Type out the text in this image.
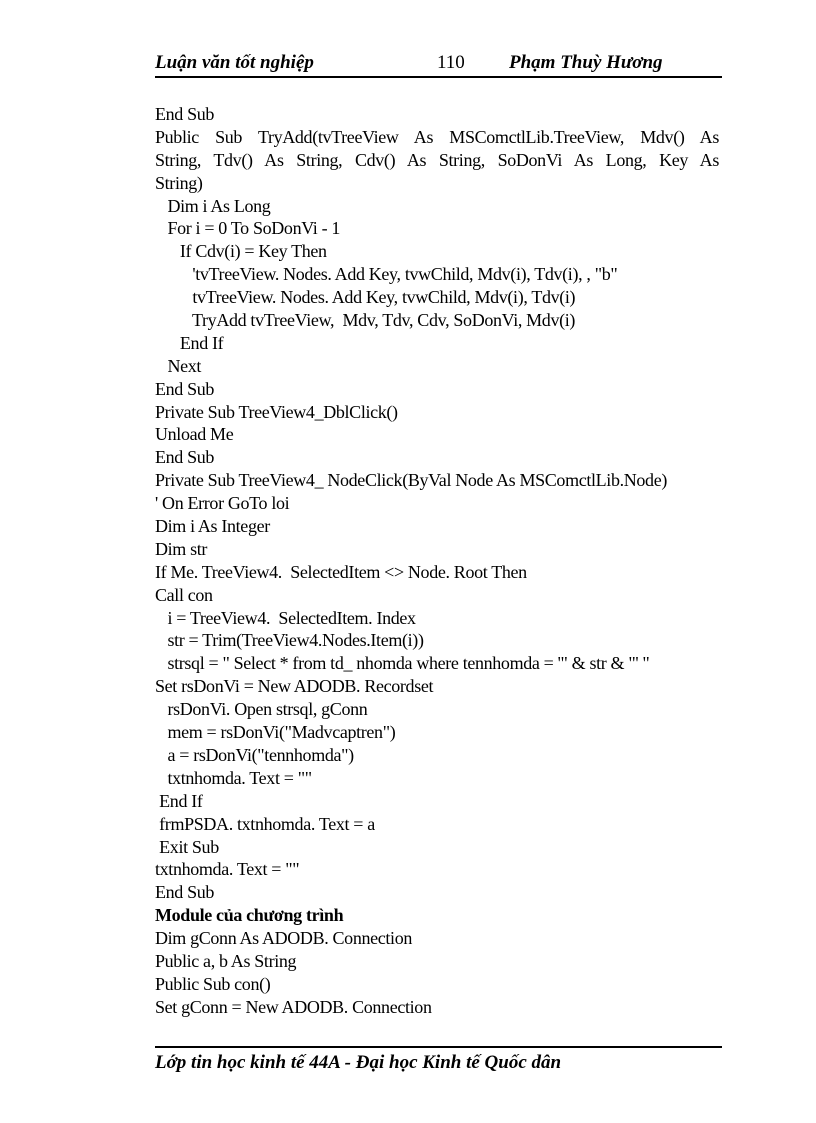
Luận văn tốt nghiệp	110 Phạm Thuỳ Hương
End Sub
Public Sub TryAdd(tvTreeView As MSComctlLib.TreeView, Mdv() As
String, Tdv() As String, Cdv() As String, SoDonVi As Long, Key As
String)
Dim i As Long
For i = 0 To SoDonVi - 1
If Cdv(i) = Key Then
'tvTreeView. Nodes. Add Key, tvwChild, Mdv(i), Tdv(i), , "b"
tvTreeView. Nodes. Add Key, tvwChild, Mdv(i), Tdv(i)
TryAdd tvTreeView,  Mdv, Tdv, Cdv, SoDonVi, Mdv(i)
End If
Next
End Sub
Private Sub TreeView4_DblClick()
Unload Me
End Sub
Private Sub TreeView4_ NodeClick(ByVal Node As MSComctlLib.Node)
' On Error GoTo loi
Dim i As Integer
Dim str
If Me. TreeView4.  SelectedItem <> Node. Root Then
Call con
i = TreeView4.  SelectedItem. Index
str = Trim(TreeView4.Nodes.Item(i))
strsql = " Select * from td_ nhomda where tennhomda = '" & str & "' "
Set rsDonVi = New ADODB. Recordset
rsDonVi. Open strsql, gConn
mem = rsDonVi("Madvcaptren")
a = rsDonVi("tennhomda")
txtnhomda. Text = ""
End If
frmPSDA. txtnhomda. Text = a
Exit Sub
txtnhomda. Text = ""
End Sub
Module của chương trình
Dim gConn As ADODB. Connection
Public a, b As String
Public Sub con()
Set gConn = New ADODB. Connection
Lớp tin học kinh tế 44A - Đại học Kinh tế Quốc dân
